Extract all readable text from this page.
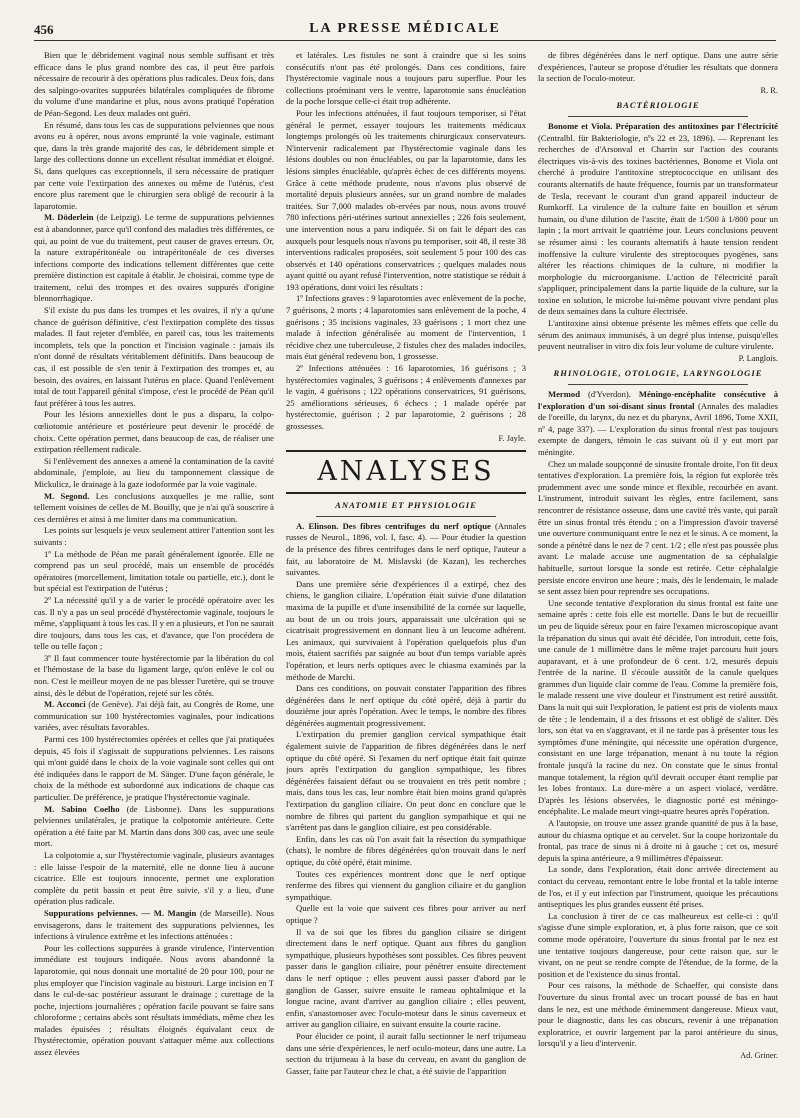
456	LA PRESSE MÉDICALE

Bien que le débridement vaginal nous semble suffisant et très efficace dans le plus grand nombre des cas, il peut être parfois nécessaire de recourir à des opérations plus radicales. Deux fois, dans des salpingo-ovarites suppurées bilatérales compliquées de fibrome du volume d'une mandarine et plus, nous avons pratiqué l'opération de Péan-Segond. Les deux malades ont guéri.

En résumé, dans tous les cas de suppurations pelviennes que nous avons eu à opérer, nous avons emprunté la voie vaginale, estimant que, dans la très grande majorité des cas, le débridement simple et large des collections donne un excellent résultat immédiat et éloigné. Si, dans quelques cas exceptionnels, il sera nécessaire de pratiquer par cette voie l'extirpation des annexes ou même de l'utérus, c'est encore plus rarement que le chirurgien sera obligé de recourir à la laparotomie.

M. Döderlein (de Leipzig). Le terme de suppurations pelviennes est à abandonner, parce qu'il confond des maladies très différentes, ce qui, au point de vue du traitement, peut causer de graves erreurs. Or, la nature extrapéritonéale ou intrapéritonéale de ces diverses infections comporte des indications tellement différentes que cette première distinction est capitale à établir. Je choisirai, comme type de traitement, celui des trompes et des ovaires suppurés d'origine blennorrhagique.

S'il existe du pus dans les trompes et les ovaires, il n'y a qu'une chance de guérison définitive, c'est l'extirpation complète des tissus malades. Il faut rejeter d'emblée, en pareil cas, tous les traitements incomplets, tels que la ponction et l'incision vaginale : jamais ils n'ont donné de résultats véritablement définitifs. Dans beaucoup de cas, il est possible de s'en tenir à l'extirpation des trompes et, au besoin, des ovaires, en laissant l'utérus en place. Quand l'enlèvement total de tout l'appareil génital s'impose, c'est le procédé de Péan qu'il faut préférer à tous les autres.

Pour les lésions annexielles dont le pus a disparu, la colpo-cœliotomie antérieure et postérieure peut devenir le procédé de choix. Cette opération permet, dans beaucoup de cas, de réaliser une extirpation réellement radicale.

Si l'enlèvement des annexes a amené la contamination de la cavité abdominale, j'emploie, au lieu du tamponnement classique de Mickulicz, le drainage à la gaze iodoformée par la voie vaginale.

M. Segond. Les conclusions auxquelles je me rallie, sont tellement voisines de celles de M. Bouilly, que je n'ai qu'à souscrire à ces dernières et ainsi à me limiter dans ma communication.

Les points sur lesquels je veux seulement attirer l'attention sont les suivants :

1º La méthode de Péan me paraît généralement ignorée. Elle ne comprend pas un seul procédé, mais un ensemble de procédés opératoires (morcellement, limitation totale ou partielle, etc.), dont le but spécial est l'extirpation de l'utérus ;

2º La nécessité qu'il y a de varier le procédé opératoire avec les cas. Il n'y a pas un seul procédé d'hystérectomie vaginale, toujours le même, s'appliquant à tous les cas. Il y en a plusieurs, et l'on ne saurait dire toujours, dans tous les cas, et d'avance, que l'on procédera de telle ou telle façon ;

3º Il faut commencer toute hystérectomie par la libération du col et l'hémostase de la base du ligament large, qu'on enlève le col ou non. C'est le meilleur moyen de ne pas blesser l'uretère, qui se trouve ainsi, dès le début de l'opération, rejeté sur les côtés.

M. Acconci (de Genève). J'ai déjà fait, au Congrès de Rome, une communication sur 100 hystérectomies vaginales, pour indications variées, avec résultats favorables.

Parmi ces 100 hystérectomies opérées et celles que j'ai pratiquées depuis, 45 fois il s'agissait de suppurations pelviennes. Les raisons qui m'ont guidé dans le choix de la voie vaginale sont celles qui ont été indiquées dans le rapport de M. Sänger. D'une façon générale, le choix de la méthode est subordonné aux indications de chaque cas particulier. De préférence, je pratique l'hystérectomie vaginale.

M. Sabino Coelho (de Lisbonne). Dans les suppurations pelviennes unilatérales, je pratique la colpotomie antérieure. Cette opération a été faite par M. Martin dans dons 300 cas, avec une seule mort.

La colpotomie a, sur l'hystérectomie vaginale, plusieurs avantages : elle laisse l'espoir de la maternité, elle ne donne lieu à aucune cicatrice. Elle est toujours innocente, permet une exploration complète du petit bassin et peut être suivie, s'il y a lieu, d'une opération plus radicale.

Suppurations pelviennes. — M. Mangin (de Marseille). Nous envisagerons, dans le traitement des suppurations pelviennes, les infections à virulence extrême et les infections atténuées :

Pour les collections suppurées à grande virulence, l'intervention immédiate est toujours indiquée. Nous avons abandonné la laparotomie, qui nous donnait une mortalité de 20 pour 100, pour ne plus employer que l'incision vaginale au bistouri. Large incision en T dans le cul-de-sac postérieur assurant le drainage ; curettage de la poche, injections journalières ; opération facile pouvant se faire sans chloroforme ; certains abcès sont résultats immédiats, même chez les malades épuisées ; résultats éloignés équivalant ceux de l'hystérectomie, opération pouvant s'attaquer même aux collections assez élevées

et latérales. Les fistules ne sont à craindre que si les soins consécutifs n'ont pas été prolongés. Dans ces conditions, faire l'hystérectomie vaginale nous a toujours paru superflue. Pour les collections proéminant vers le ventre, laparotomie sans énucléation de la poche lorsque celle-ci était trop adhérente.

Pour les infections atténuées, il faut toujours temporiser, si l'état général le permet, essayer toujours les traitements médicaux longtemps prolongés où les traitements chirurgicaux conservateurs. N'intervenir radicalement par l'hystérectomie vaginale dans les lésions doubles ou non énucléables, ou par la laparotomie, dans les lésions simples énucléable, qu'après échec de ces différents moyens. Grâce à cette méthode prudente, nous n'avons plus observé de mortalité depuis plusieurs années, sur un grand nombre de malades traitées. Sur 7,000 malades ob-ervées par nous, nous avons trouvé 780 infections péri-utérines surtout annexielles ; 226 fois seulement, une intervention nous a paru indiquée. Si on fait le départ des cas auxquels pour lesquels nous n'avons pu temporiser, soit 48, il reste 38 interventions radicales proposées, soit seulement 5 pour 100 des cas observés et 140 opérations conservatrices ; quelques malades nous ayant quitté ou ayant refusé l'intervention, notre statistique se réduit à 193 opérations, dont voici les résultats :

1º Infections graves : 9 laparotomies avec enlèvement de la poche, 7 guérisons, 2 morts ; 4 laparotomies sans enlèvement de la poche, 4 guérisons ; 35 incisions vaginales, 33 guérisons ; 1 mort chez une malade à infection généralisée au moment de l'intervention, 1 récidive chez une tuberculeuse, 2 fistules chez des malades indociles, mais état général redevenu bon, 1 grossesse.

2º Infections atténuées : 16 laparotomies, 16 guérisons ; 3 hystérectomies vaginales, 3 guérisons ; 4 enlèvements d'annexes par le vagin, 4 guérisons ; 122 opérations conservatrices, 91 guérisons, 25 améliorations sérieuses, 6 échecs ; 1 malade opérée par hystérectomie, guérison ; 2 par laparotomie, 2 guérisons ; 28 grossesses.

F. Jayle.

ANALYSES
ANATOMIE ET PHYSIOLOGIE

A. Elinson. Des fibres centrifuges du nerf optique (Annales russes de Neurol., 1896, vol. I, fasc. 4). — Pour étudier la question de la présence des fibres centrifuges dans le nerf optique, l'auteur a fait, au laboratoire de M. Mislavski (de Kazan), les recherches suivantes.

Dans une première série d'expériences il a extirpé, chez des chiens, le ganglion ciliaire. L'opération était suivie d'une dilatation maxima de la pupille et d'une insensibilité de la cornée sur laquelle, au bout de un ou trois jours, apparaissait une ulcération qui se cicatrisait progressivement en donnant lieu à un leucome adhérent. Les animaux, qui survivaient à l'opération quelquefois plus d'un mois, étaient sacrifiés par saignée au bout d'un temps variable après l'opération, et leurs nerfs optiques avec le chiasma examinés par la méthode de Marchi.

Dans ces conditions, on pouvait constater l'apparition des fibres dégénérées dans le nerf optique du côté opéré, déjà à partir du douzième jour après l'opération. Avec le temps, le nombre des fibres dégénérées augmentait progressivement.

L'extirpation du premier ganglion cervical sympathique était également suivie de l'apparition de fibres dégénérées dans le nerf optique du côté opéré. Si l'examen du nerf optique était fait quinze jours après l'extirpation du ganglion sympathique, les fibres dégénérées faisaient défaut ou se trouvaient en très petit nombre ; mais, dans tous les cas, leur nombre était bien moins grand qu'après l'extirpation du ganglion ciliaire. On peut donc en conclure que le nombre de fibres qui partent du ganglion sympathique et qui ne s'arrêtent pas dans le ganglion ciliaire, est peu considérable.

Enfin, dans les cas où l'on avait fait la résection du sympathique (chats), le nombre de fibres dégénérées qu'on trouvait dans le nerf optique, du côté opéré, était minime.

Toutes ces expériences montrent donc que le nerf optique renferme des fibres qui viennent du ganglion ciliaire et du ganglion sympathique.

Quelle est la voie que suivent ces fibres pour arriver au nerf optique ?

Il va de soi que les fibres du ganglion ciliaire se dirigent directement dans le nerf optique. Quant aux fibres du ganglion sympathique, plusieurs hypothèses sont possibles. Ces fibres peuvent passer dans le ganglion ciliaire, pour pénétrer ensuite directement dans le nerf optique ; elles peuvent aussi passer d'abord par le ganglion de Gasser, suivre ensuite le rameau ophtalmique et la longue racine, avant d'arriver au ganglion ciliaire ; elles peuvent, enfin, s'anastomoser avec l'oculo-moteur dans le sinus caverneux et arriver au ganglion ciliaire, en suivant ensuite la courte racine.

Pour élucider ce point, il aurait fallu sectionner le nerf trijumeau dans une série d'expériences, le nerf oculo-moteur, dans une autre. La section du trijumeau à la base du cerveau, en avant du ganglion de Gasser, faite par l'auteur chez le chat, a été suivie de l'apparition

de fibres dégénérées dans le nerf optique. Dans une autre série d'expériences, l'auteur se propose d'étudier les résultats que donnera la section de l'oculo-moteur.

R. R.

BACTÉRIOLOGIE

Bonome et Viola. Préparation des antitoxines par l'électricité (Centralbl. für Bakteriologie, nºs 22 et 23, 1896). — Reprenant les recherches de d'Arsonval et Charrin sur l'action des courants électriques vis-à-vis des toxines bactériennes, Bonome et Viola ont cherché à produire l'antitoxine streptococcique en utilisant des courants alternatifs de haute fréquence, fournis par un transformateur de Tesla, recevant le courant d'un grand appareil inducteur de Rumkorff. La virulence de la culture faite en bouillon et sérum humain, ou d'une dilution de l'ascite, était de 1/500 à 1/800 pour un lapin ; la mort arrivait le quatrième jour. Leurs conclusions peuvent se résumer ainsi : les courants alternatifs à haute tension rendent inoffensive la culture virulente des streptocoques pyogènes, sans altérer les réactions chimiques de la culture, ni modifier la morphologie du microorganisme. L'action de l'électricité paraît s'appliquer, principalement dans la partie liquide de la culture, sur la toxine en solution, le microbe lui-même pouvant vivre pendant plus de deux semaines dans la culture électrisée.

L'antitoxine ainsi obtenue présente les mêmes effets que celle du sérum des animaux immunisés, à un degré plus intense, puisqu'elles peuvent neutraliser in vitro dix fois leur volume de culture virulente.

P. Langlois.

RHINOLOGIE, OTOLOGIE, LARYNGOLOGIE

Mermod (d'Yverdon). Méningo-encéphalite consécutive à l'exploration d'un soi-disant sinus frontal (Annales des maladies de l'oreille, du larynx, du nez et du pharynx, Avril 1896, Tome XXII, nº 4, page 337). — L'exploration du sinus frontal n'est pas toujours exempte de dangers, témoin le cas suivant où il y eut mort par méningite.

Chez un malade soupçonné de sinusite frontale droite, l'on fit deux tentatives d'exploration. La première fois, la région fut explorée très prudemment avec une sonde mince et flexible, recourbée en avant. L'instrument, introduit suivant les règles, entre facilement, sans rencontrer de résistance osseuse, dans une cavité très vaste, qui paraît être un sinus frontal très étendu ; on a l'impression d'avoir traversé une ouverture communiquant entre le nez et le sinus. A ce moment, la sonde a pénétré dans le nez de 7 cent. 1/2 ; elle n'est pas poussée plus avant. Le malade accuse une augmentation de sa céphalalgie habituelle, surtout lorsque la sonde est retirée. Cette céphalalgie persiste encore environ une heure ; mais, dès le lendemain, le malade se sent assez bien pour reprendre ses occupations.

Une seconde tentative d'exploration du sinus frontal est faite une semaine après : cette fois elle est mortelle. Dans le but de recueillir un peu de liquide séreux pour en faire l'examen microscopique avant la trépanation du sinus qui avait été décidée, l'on introduit, cette fois, une canule de 1 millimètre dans le même trajet parcouru huit jours auparavant, et à une profondeur de 6 cent. 1/2, mesurés depuis l'entrée de la narine. Il s'écoule aussitôt de la canule quelques grammes d'un liquide clair comme de l'eau. Comme la première fois, le malade ressent une vive douleur et l'instrument est retiré aussitôt. Dans la nuit qui suit l'exploration, le patient est pris de violents maux de tête ; le lendemain, il a des frissons et est obligé de s'aliter. Dès lors, son état va en s'aggravant, et il ne tarde pas à présenter tous les symptômes d'une méningite, qui nécessite une opération d'urgence, consistant en une large trépanation, menant à nu toute la région frontale jusqu'à la racine du nez. On constate que le sinus frontal manque totalement, la région qu'il devrait occuper étant remplie par les lobes frontaux. La dure-mère a un aspect violacé, verdâtre. D'après les lésions observées, le diagnostic porté est méningo-encéphalite. Le malade meurt vingt-quatre heures après l'opération.

A l'autopsie, on trouve une assez grande quantité de pus à la base, autour du chiasma optique et au cervelet. Sur la coupe horizontale du frontal, pas trace de sinus ni à droite ni à gauche ; cet os, mesuré depuis la spina antérieure, a 9 millimètres d'épaisseur.

La sonde, dans l'exploration, était donc arrivée directement au contact du cerveau, remontant entre le lobe frontal et la table interne de l'os, et il y eut infection par l'instrument, quoique les précautions antiseptiques les plus grandes eussent été prises.

La conclusion à tirer de ce cas malheureux est celle-ci : qu'il s'agisse d'une simple exploration, et, à plus forte raison, que ce soit comme mode opératoire, l'ouverture du sinus frontal par le nez est une tentative toujours dangereuse, pour cette raison que, sur le vivant, on ne peut se rendre compte de l'étendue, de la forme, de la position et de l'existence du sinus frontal.

Pour ces raisons, la méthode de Schaeffer, qui consiste dans l'ouverture du sinus frontal avec un trocart poussé de bas en haut dans le nez, est une méthode éminemment dangereuse. Mieux vaut, pour le diagnostic, dans les cas obscurs, revenir à une trépanation exploratrice, et ouvrir largement par la paroi antérieure du sinus, lorsqu'il y a lieu d'intervenir.

Ad. Griner.
